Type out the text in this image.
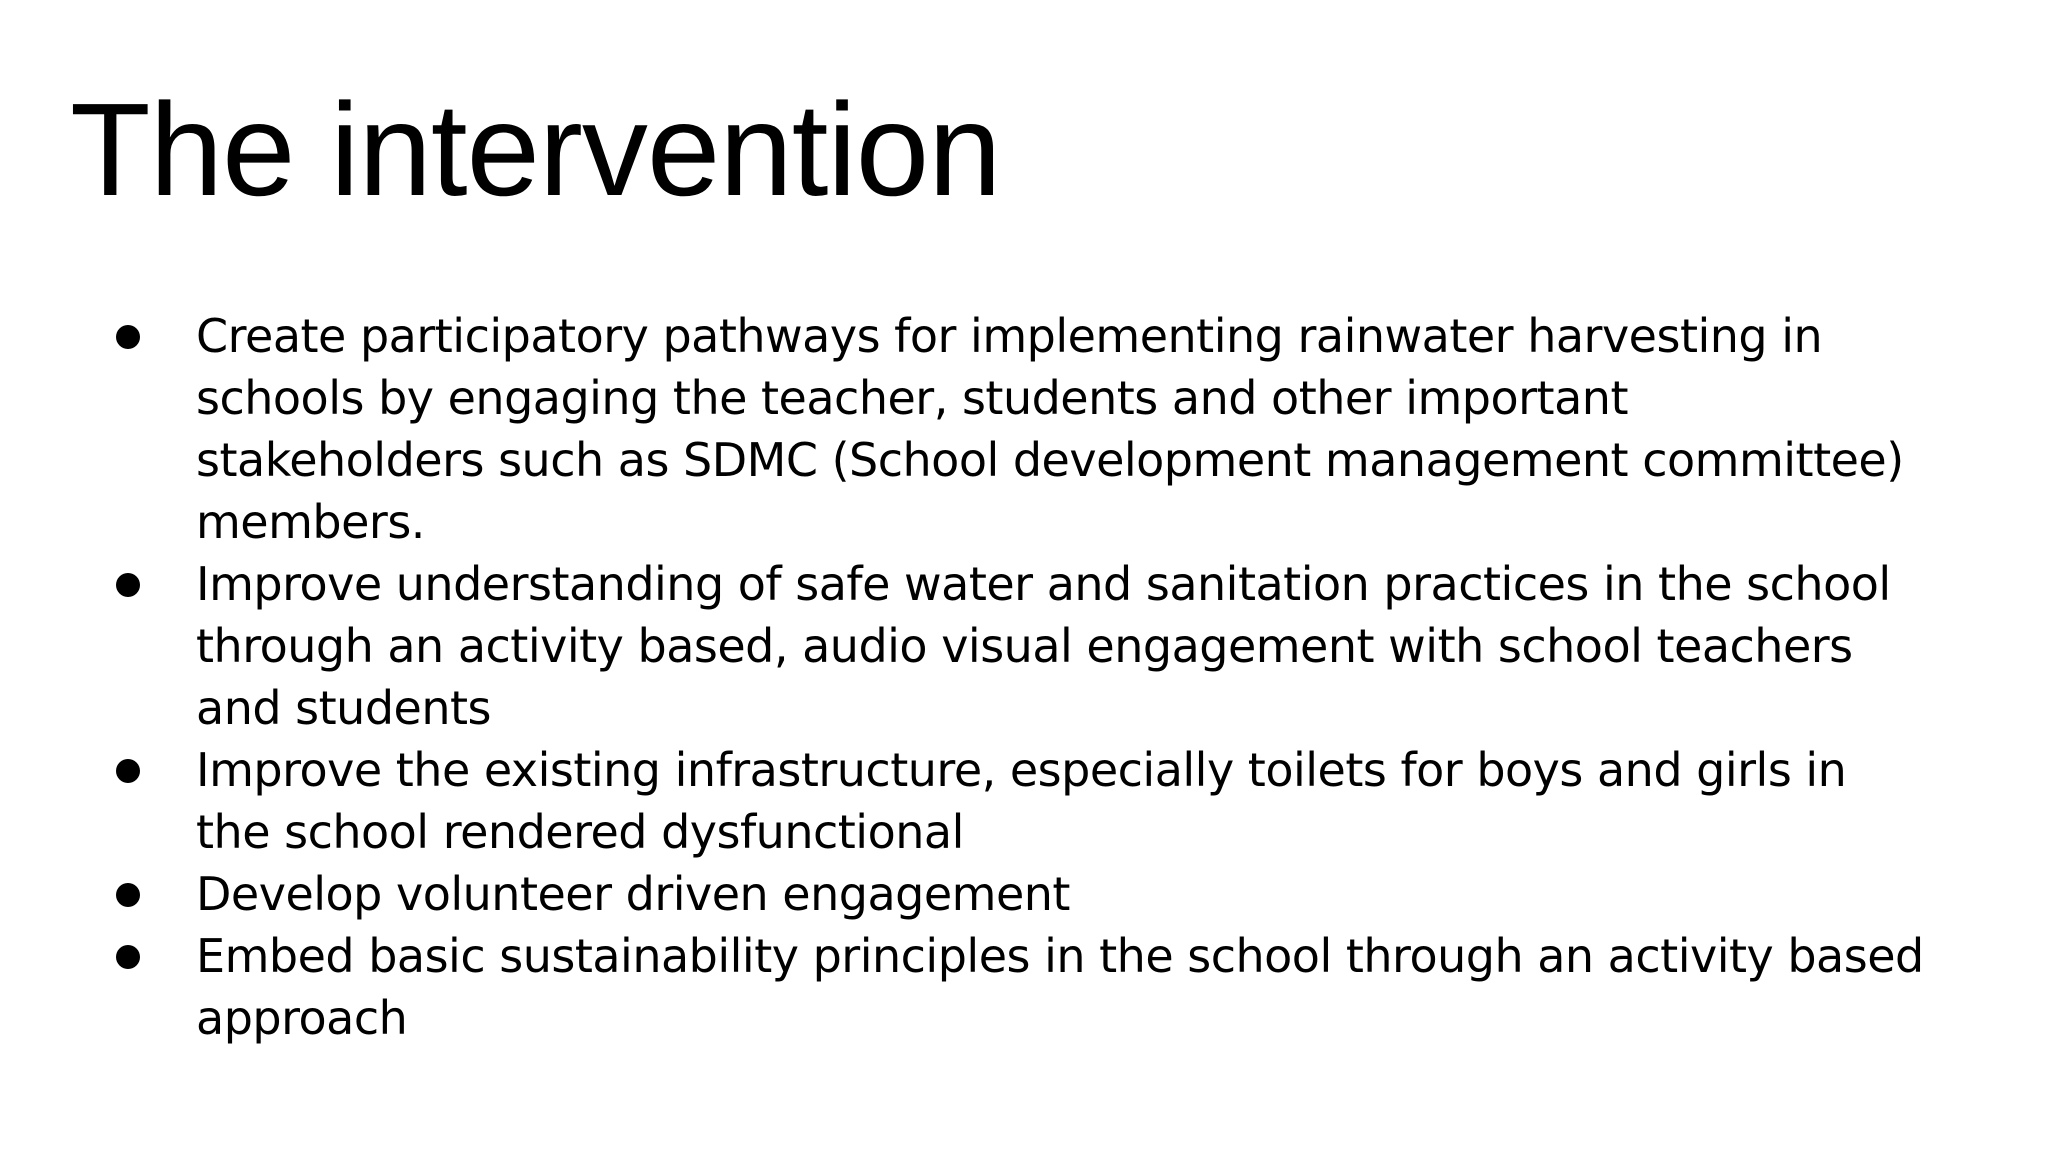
The intervention
Create participatory pathways for implementing rainwater harvesting in
schools by engaging the teacher, students and other important
stakeholders such as SDMC (School development management committee)
members.
Improve understanding of safe water and sanitation practices in the school
through an activity based, audio visual engagement with school teachers
and students
Improve the existing infrastructure, especially toilets for boys and girls in
the school rendered dysfunctional
Develop volunteer driven engagement
Embed basic sustainability principles in the school through an activity based
approach
